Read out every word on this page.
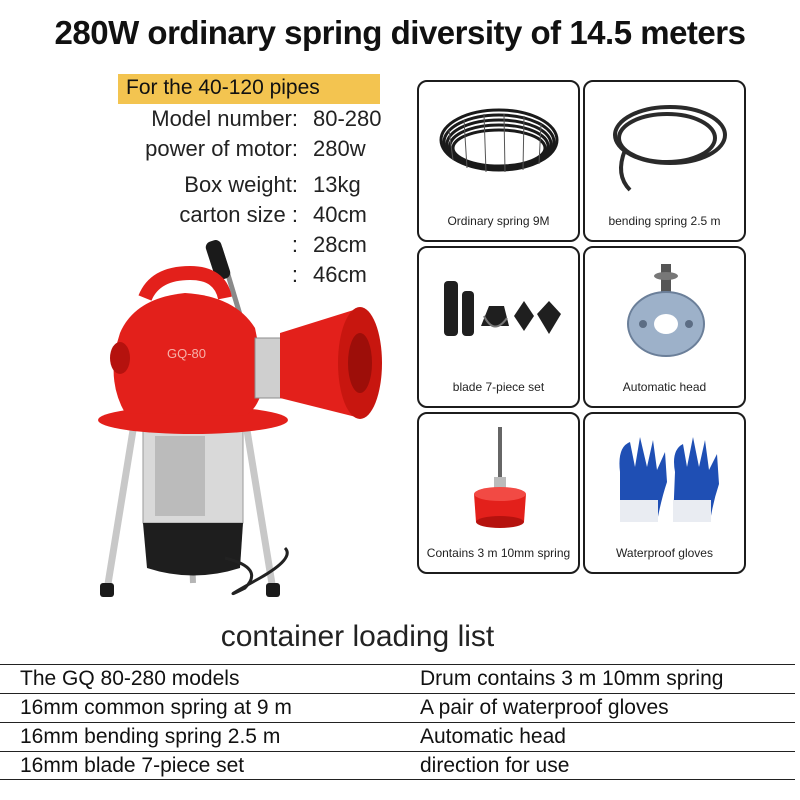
280W ordinary spring diversity of 14.5 meters
For the 40-120 pipes
Model number: 80-280
power of motor: 280w
Box weight: 13kg
carton size : 40cm
: 28cm
: 46cm
GQ-80
Ordinary spring 9M	bending spring 2.5 m
blade 7-piece set	Automatic head
Contains 3 m 10mm spring	Waterproof gloves
container loading list
The GQ 80-280 models	Drum contains 3 m 10mm spring
16mm common spring at 9 m	A pair of waterproof gloves
16mm bending spring 2.5 m	Automatic head
16mm blade 7-piece set	direction for use
